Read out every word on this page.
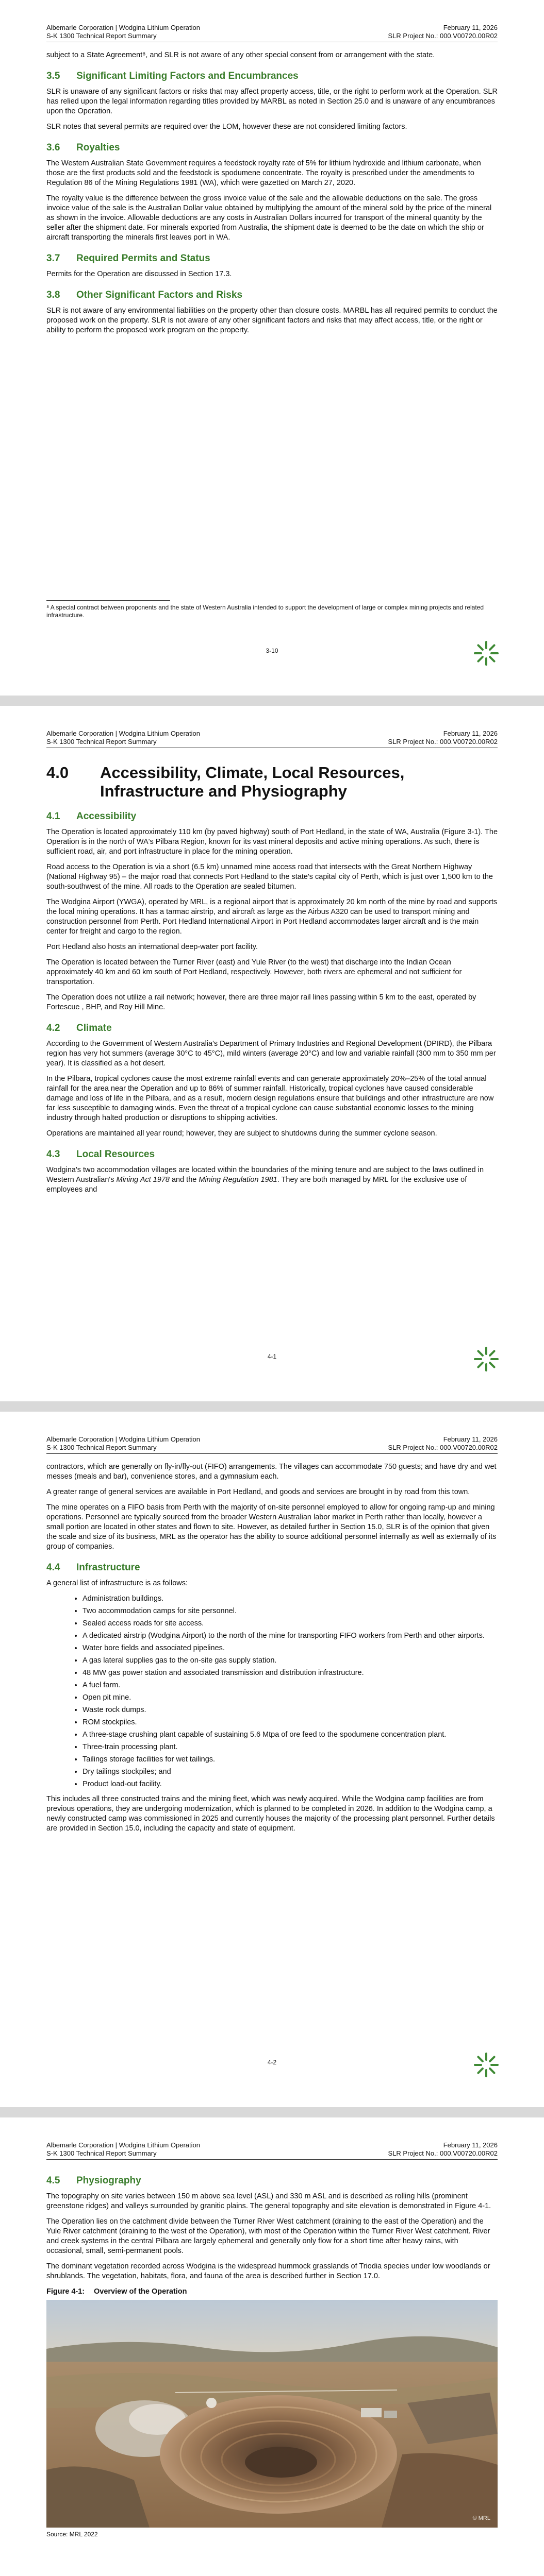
Albemarle Corporation | Wodgina Lithium Operation
S-K 1300 Technical Report Summary
February 11, 2026
SLR Project No.: 000.V00720.00R02

subject to a State Agreement⁸, and SLR is not aware of any other special consent from or arrangement with the state.

3.5 Significant Limiting Factors and Encumbrances

SLR is unaware of any significant factors or risks that may affect property access, title, or the right to perform work at the Operation. SLR has relied upon the legal information regarding titles provided by MARBL as noted in Section 25.0 and is unaware of any encumbrances upon the Operation.

SLR notes that several permits are required over the LOM, however these are not considered limiting factors.

3.6 Royalties

The Western Australian State Government requires a feedstock royalty rate of 5% for lithium hydroxide and lithium carbonate, when those are the first products sold and the feedstock is spodumene concentrate. The royalty is prescribed under the amendments to Regulation 86 of the Mining Regulations 1981 (WA), which were gazetted on March 27, 2020.

The royalty value is the difference between the gross invoice value of the sale and the allowable deductions on the sale. The gross invoice value of the sale is the Australian Dollar value obtained by multiplying the amount of the mineral sold by the price of the mineral as shown in the invoice. Allowable deductions are any costs in Australian Dollars incurred for transport of the mineral quantity by the seller after the shipment date. For minerals exported from Australia, the shipment date is deemed to be the date on which the ship or aircraft transporting the minerals first leaves port in WA.

3.7 Required Permits and Status

Permits for the Operation are discussed in Section 17.3.

3.8 Other Significant Factors and Risks

SLR is not aware of any environmental liabilities on the property other than closure costs. MARBL has all required permits to conduct the proposed work on the property. SLR is not aware of any other significant factors and risks that may affect access, title, or the right or ability to perform the proposed work program on the property.

⁸ A special contract between proponents and the state of Western Australia intended to support the development of large or complex mining projects and related infrastructure.
3-10
Albemarle Corporation | Wodgina Lithium Operation
S-K 1300 Technical Report Summary
February 11, 2026
SLR Project No.: 000.V00720.00R02
4.0	Accessibility, Climate, Local Resources, Infrastructure and Physiography
4.1 Accessibility

The Operation is located approximately 110 km (by paved highway) south of Port Hedland, in the state of WA, Australia (Figure 3-1). The Operation is in the north of WA's Pilbara Region, known for its vast mineral deposits and active mining operations. As such, there is sufficient road, air, and port infrastructure in place for the mining operation.

Road access to the Operation is via a short (6.5 km) unnamed mine access road that intersects with the Great Northern Highway (National Highway 95) – the major road that connects Port Hedland to the state's capital city of Perth, which is just over 1,500 km to the south-southwest of the mine. All roads to the Operation are sealed bitumen.

The Wodgina Airport (YWGA), operated by MRL, is a regional airport that is approximately 20 km north of the mine by road and supports the local mining operations. It has a tarmac airstrip, and aircraft as large as the Airbus A320 can be used to transport mining and construction personnel from Perth. Port Hedland International Airport in Port Hedland accommodates larger aircraft and is the main center for freight and cargo to the region.

Port Hedland also hosts an international deep-water port facility.

The Operation is located between the Turner River (east) and Yule River (to the west) that discharge into the Indian Ocean approximately 40 km and 60 km south of Port Hedland, respectively. However, both rivers are ephemeral and not sufficient for transportation.

The Operation does not utilize a rail network; however, there are three major rail lines passing within 5 km to the east, operated by Fortescue , BHP, and Roy Hill Mine.

4.2 Climate

According to the Government of Western Australia's Department of Primary Industries and Regional Development (DPIRD), the Pilbara region has very hot summers (average 30°C to 45°C), mild winters (average 20°C) and low and variable rainfall (300 mm to 350 mm per year). It is classified as a hot desert.

In the Pilbara, tropical cyclones cause the most extreme rainfall events and can generate approximately 20%–25% of the total annual rainfall for the area near the Operation and up to 86% of summer rainfall. Historically, tropical cyclones have caused considerable damage and loss of life in the Pilbara, and as a result, modern design regulations ensure that buildings and other infrastructure are now far less susceptible to damaging winds. Even the threat of a tropical cyclone can cause substantial economic losses to the mining industry through halted production or disruptions to shipping activities.

Operations are maintained all year round; however, they are subject to shutdowns during the summer cyclone season.

4.3 Local Resources

Wodgina's two accommodation villages are located within the boundaries of the mining tenure and are subject to the laws outlined in Western Australian's Mining Act 1978 and the Mining Regulation 1981. They are both managed by MRL for the exclusive use of employees and

4-1
Albemarle Corporation | Wodgina Lithium Operation
S-K 1300 Technical Report Summary
February 11, 2026
SLR Project No.: 000.V00720.00R02

contractors, which are generally on fly-in/fly-out (FIFO) arrangements. The villages can accommodate 750 guests; and have dry and wet messes (meals and bar), convenience stores, and a gymnasium each.

A greater range of general services are available in Port Hedland, and goods and services are brought in by road from this town.

The mine operates on a FIFO basis from Perth with the majority of on-site personnel employed to allow for ongoing ramp-up and mining operations. Personnel are typically sourced from the broader Western Australian labor market in Perth rather than locally, however a small portion are located in other states and flown to site. However, as detailed further in Section 15.0, SLR is of the opinion that given the scale and size of its business, MRL as the operator has the ability to source additional personnel internally as well as externally of its group of companies.

4.4 Infrastructure

A general list of infrastructure is as follows:

• Administration buildings.
• Two accommodation camps for site personnel.
• Sealed access roads for site access.
• A dedicated airstrip (Wodgina Airport) to the north of the mine for transporting FIFO workers from Perth and other airports.
• Water bore fields and associated pipelines.
• A gas lateral supplies gas to the on-site gas supply station.
• 48 MW gas power station and associated transmission and distribution infrastructure.
• A fuel farm.
• Open pit mine.
• Waste rock dumps.
• ROM stockpiles.
• A three-stage crushing plant capable of sustaining 5.6 Mtpa of ore feed to the spodumene concentration plant.
• Three-train processing plant.
• Tailings storage facilities for wet tailings.
• Dry tailings stockpiles; and
• Product load-out facility.

This includes all three constructed trains and the mining fleet, which was newly acquired. While the Wodgina camp facilities are from previous operations, they are undergoing modernization, which is planned to be completed in 2026. In addition to the Wodgina camp, a newly constructed camp was commissioned in 2025 and currently houses the majority of the processing plant personnel. Further details are provided in Section 15.0, including the capacity and state of equipment.

4-2
Albemarle Corporation | Wodgina Lithium Operation
S-K 1300 Technical Report Summary
February 11, 2026
SLR Project No.: 000.V00720.00R02
4.5 Physiography

The topography on site varies between 150 m above sea level (ASL) and 330 m ASL and is described as rolling hills (prominent greenstone ridges) and valleys surrounded by granitic plains. The general topography and site elevation is demonstrated in Figure 4-1.

The Operation lies on the catchment divide between the Turner River West catchment (draining to the east of the Operation) and the Yule River catchment (draining to the west of the Operation), with most of the Operation within the Turner River West catchment. River and creek systems in the central Pilbara are largely ephemeral and generally only flow for a short time after heavy rains, with occasional, small, semi-permanent pools.

The dominant vegetation recorded across Wodgina is the widespread hummock grasslands of Triodia species under low woodlands or shrublands. The vegetation, habitats, flora, and fauna of the area is described further in Section 17.0.

Figure 4-1: Overview of the Operation
© MRL
Source: MRL 2022
